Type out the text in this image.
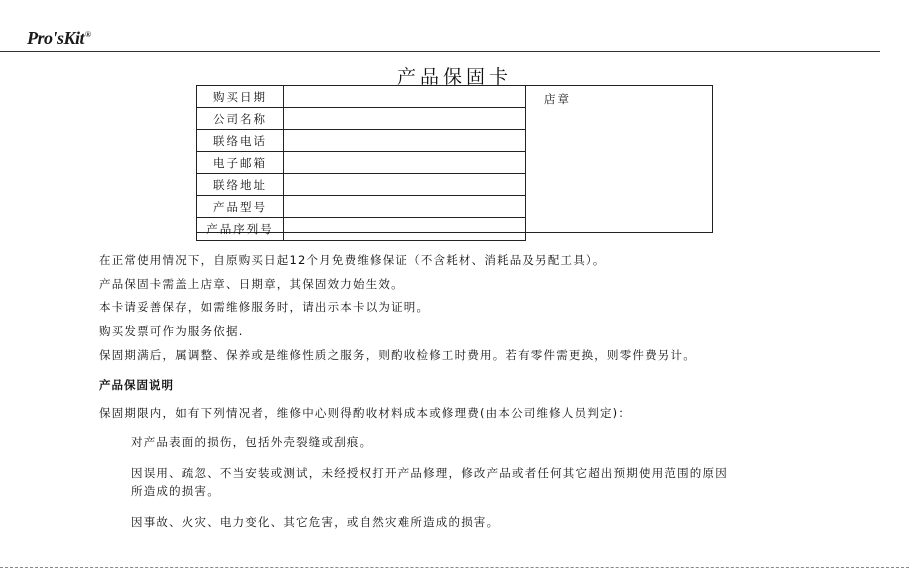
Pro'sKit®
产品保固卡
购买日期	
公司名称	
联络电话	
电子邮箱	
联络地址	
产品型号	
产品序列号	
店章
在正常使用情况下，自原购买日起12个月免费维修保证（不含耗材、消耗品及另配工具）。
产品保固卡需盖上店章、日期章，其保固效力始生效。
本卡请妥善保存，如需维修服务时，请出示本卡以为证明。
购买发票可作为服务依据.
保固期满后，属调整、保养或是维修性质之服务，则酌收检修工时费用。若有零件需更换，则零件费另计。
产品保固说明
保固期限内，如有下列情况者，维修中心则得酌收材料成本或修理费(由本公司维修人员判定)：
对产品表面的损伤，包括外壳裂缝或刮痕。
因误用、疏忽、不当安装或测试，未经授权打开产品修理，修改产品或者任何其它超出预期使用范围的原因
所造成的损害。
因事故、火灾、电力变化、其它危害，或自然灾难所造成的损害。
